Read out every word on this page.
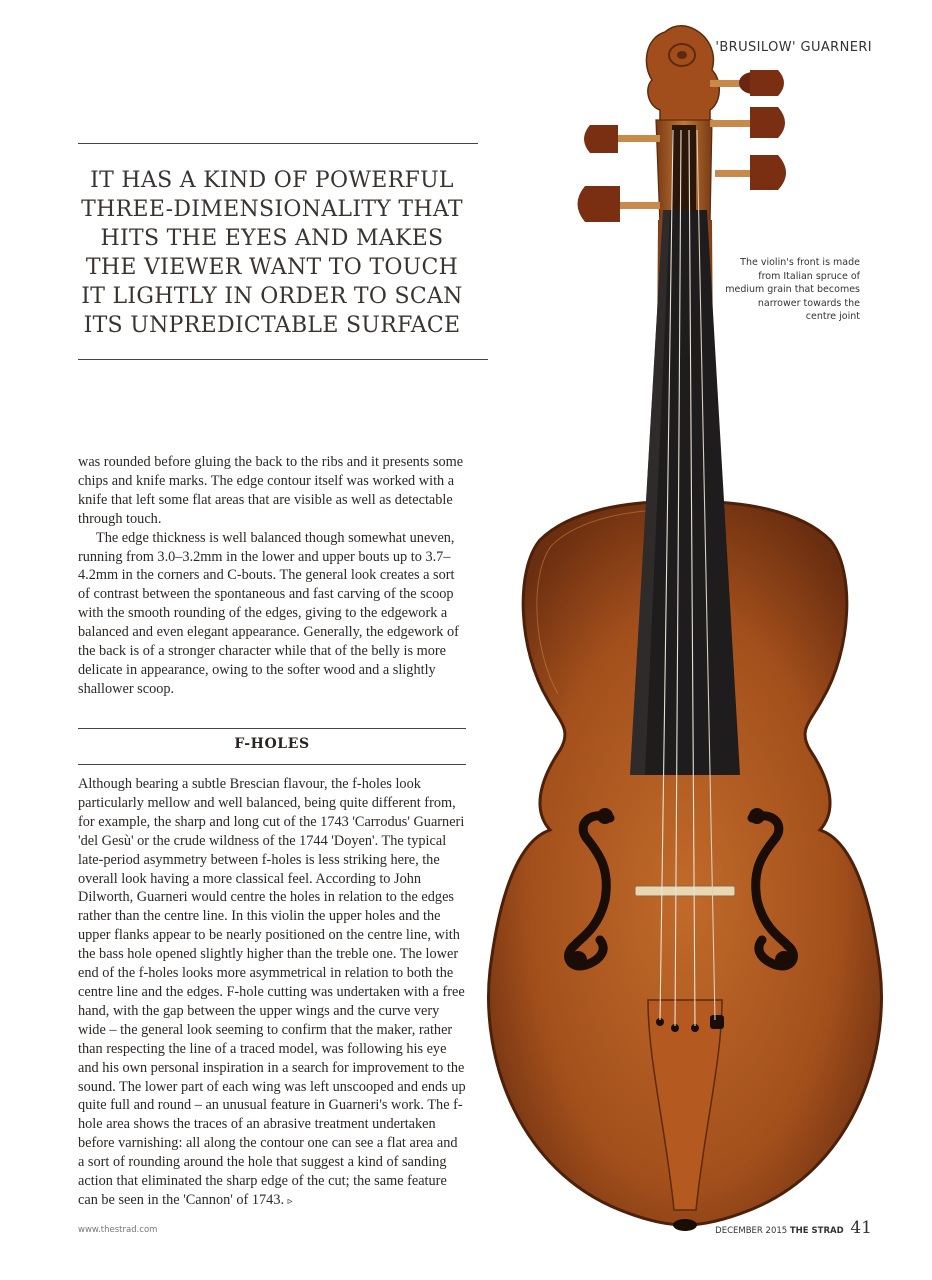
'BRUSILOW' GUARNERI
IT HAS A KIND OF POWERFUL THREE-DIMENSIONALITY THAT HITS THE EYES AND MAKES THE VIEWER WANT TO TOUCH IT LIGHTLY IN ORDER TO SCAN ITS UNPREDICTABLE SURFACE
The violin's front is made from Italian spruce of medium grain that becomes narrower towards the centre joint

was rounded before gluing the back to the ribs and it presents some chips and knife marks. The edge contour itself was worked with a knife that left some flat areas that are visible as well as detectable through touch.

The edge thickness is well balanced though somewhat uneven, running from 3.0–3.2mm in the lower and upper bouts up to 3.7–4.2mm in the corners and C-bouts. The general look creates a sort of contrast between the spontaneous and fast carving of the scoop with the smooth rounding of the edges, giving to the edgework a balanced and even elegant appearance. Generally, the edgework of the back is of a stronger character while that of the belly is more delicate in appearance, owing to the softer wood and a slightly shallower scoop.

F-HOLES

Although bearing a subtle Brescian flavour, the f-holes look particularly mellow and well balanced, being quite different from, for example, the sharp and long cut of the 1743 'Carrodus' Guarneri 'del Gesù' or the crude wildness of the 1744 'Doyen'. The typical late-period asymmetry between f-holes is less striking here, the overall look having a more classical feel. According to John Dilworth, Guarneri would centre the holes in relation to the edges rather than the centre line. In this violin the upper holes and the upper flanks appear to be nearly positioned on the centre line, with the bass hole opened slightly higher than the treble one. The lower end of the f-holes looks more asymmetrical in relation to both the centre line and the edges. F-hole cutting was undertaken with a free hand, with the gap between the upper wings and the curve very wide – the general look seeming to confirm that the maker, rather than respecting the line of a traced model, was following his eye and his own personal inspiration in a search for improvement to the sound. The lower part of each wing was left unscooped and ends up quite full and round – an unusual feature in Guarneri's work. The f-hole area shows the traces of an abrasive treatment undertaken before varnishing: all along the contour one can see a flat area and a sort of rounding around the hole that suggest a kind of sanding action that eliminated the sharp edge of the cut; the same feature can be seen in the 'Cannon' of 1743. ▹

www.thestrad.com	DECEMBER 2015 THE STRAD 41
